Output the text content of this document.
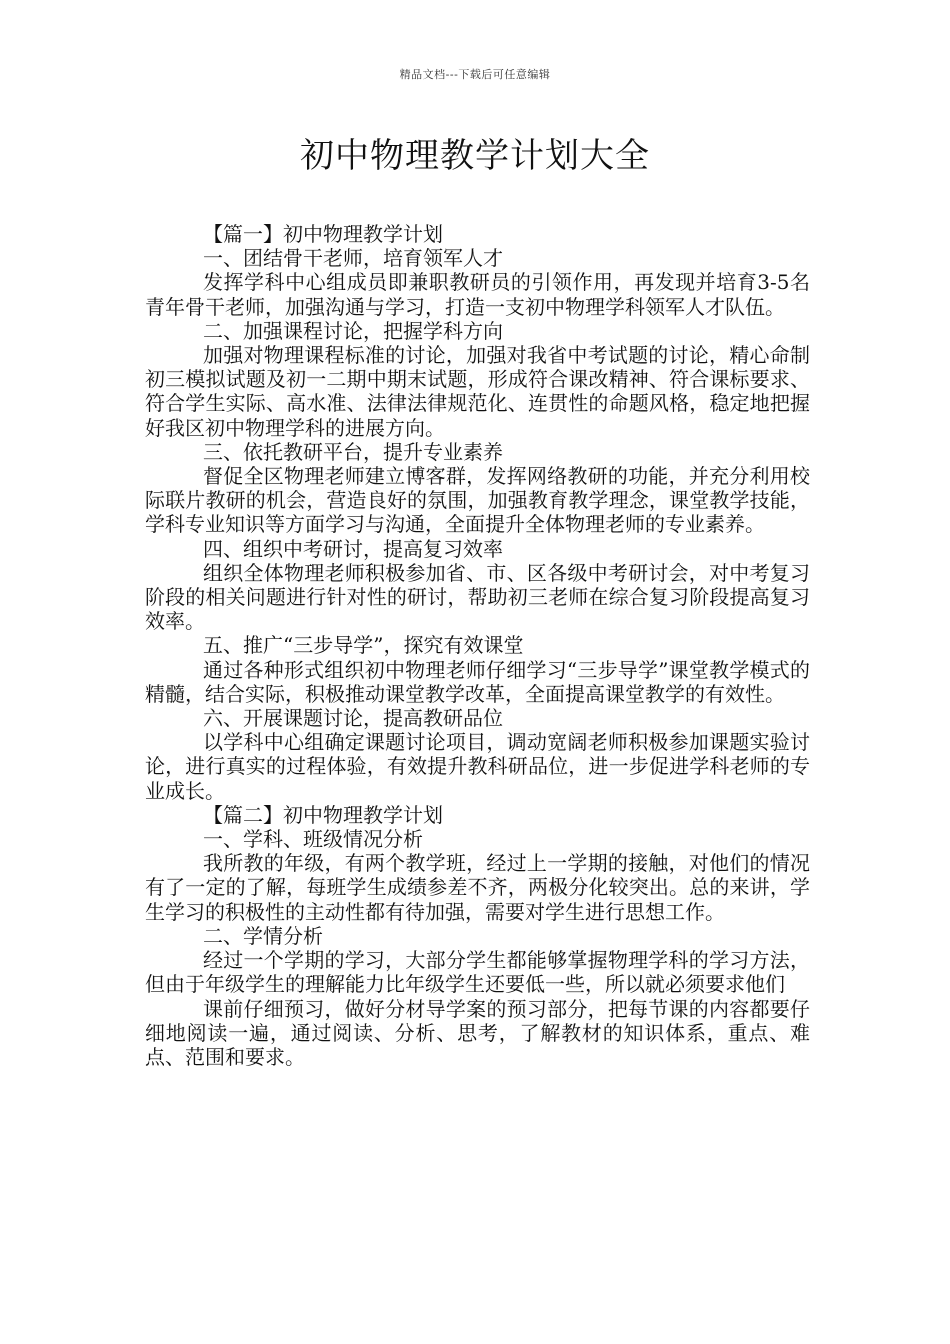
精品文档---下载后可任意编辑
初中物理教学计划大全

【篇一】初中物理教学计划

一、团结骨干老师，培育领军人才

发挥学科中心组成员即兼职教研员的引领作用，再发现并培育3-5名青年骨干老师，加强沟通与学习，打造一支初中物理学科领军人才队伍。

二、加强课程讨论，把握学科方向

加强对物理课程标准的讨论，加强对我省中考试题的讨论，精心命制初三模拟试题及初一二期中期末试题，形成符合课改精神、符合课标要求、符合学生实际、高水准、法律法律规范化、连贯性的命题风格，稳定地把握好我区初中物理学科的进展方向。

三、依托教研平台，提升专业素养

督促全区物理老师建立博客群，发挥网络教研的功能，并充分利用校际联片教研的机会，营造良好的氛围，加强教育教学理念，课堂教学技能，学科专业知识等方面学习与沟通，全面提升全体物理老师的专业素养。

四、组织中考研讨，提高复习效率

组织全体物理老师积极参加省、市、区各级中考研讨会，对中考复习阶段的相关问题进行针对性的研讨，帮助初三老师在综合复习阶段提高复习效率。

五、推广“三步导学”，探究有效课堂

通过各种形式组织初中物理老师仔细学习“三步导学”课堂教学模式的精髓，结合实际，积极推动课堂教学改革，全面提高课堂教学的有效性。

六、开展课题讨论，提高教研品位

以学科中心组确定课题讨论项目，调动宽阔老师积极参加课题实验讨论，进行真实的过程体验，有效提升教科研品位，进一步促进学科老师的专业成长。

【篇二】初中物理教学计划

一、学科、班级情况分析

我所教的年级，有两个教学班，经过上一学期的接触，对他们的情况有了一定的了解，每班学生成绩参差不齐，两极分化较突出。总的来讲，学生学习的积极性的主动性都有待加强，需要对学生进行思想工作。

二、学情分析

经过一个学期的学习，大部分学生都能够掌握物理学科的学习方法，但由于年级学生的理解能力比年级学生还要低一些，所以就必须要求他们

课前仔细预习，做好分材导学案的预习部分，把每节课的内容都要仔细地阅读一遍，通过阅读、分析、思考，了解教材的知识体系，重点、难点、范围和要求。
